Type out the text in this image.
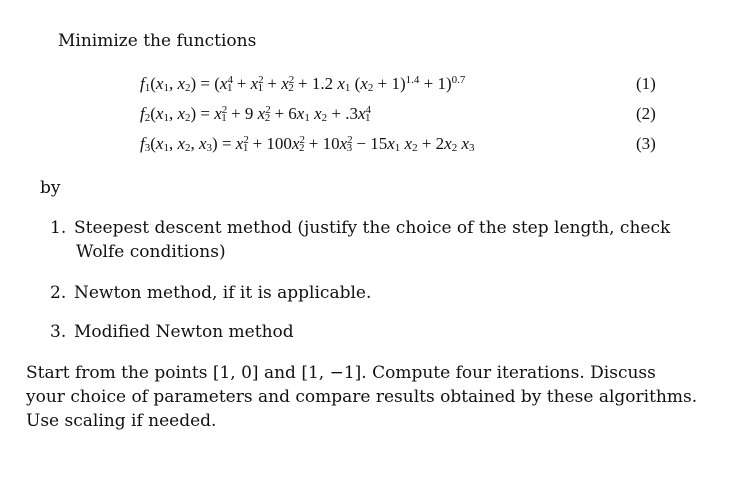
Minimize the functions
$f_1(x_1$, $x_2) = (x^4_1 + x^2_1 + x^2_2 + 1.2$ $x_1$ $(x_2 + 1)^{1.4} + 1)^{0.7}$	(1)
$f_2(x_1$, $x_2) = x^2_1 + 9$ $x^2_2 + 6x_1$ $x_2 + .3x^4_1$	(2)
$f_3(x_1$, $x_2$, $x_3) = x^2_1 + 100x^2_2 + 10x^2_3 - 15x_1$ $x_2 + 2x_2$ $x_3$	(3)
by
1. Steepest descent method (justify the choice of the step length, check
Wolfe conditions)
2. Newton method, if it is applicable.
3. Modified Newton method
Start from the points [1, 0] and [1, −1]. Compute four iterations. Discuss
your choice of parameters and compare results obtained by these algorithms.
Use scaling if needed.
